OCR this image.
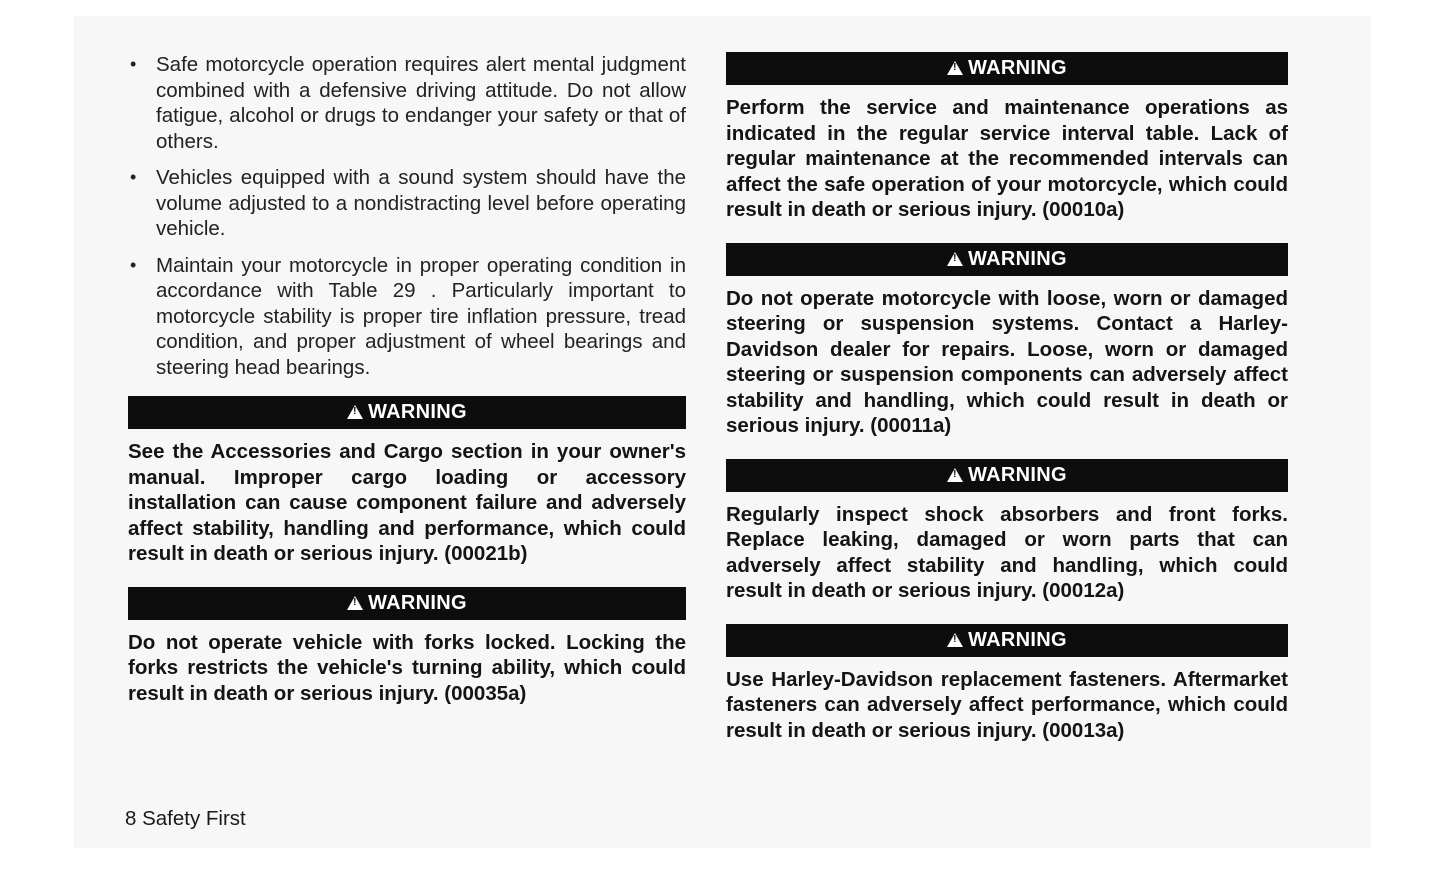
• Safe motorcycle operation requires alert mental judgment combined with a defensive driving attitude. Do not allow fatigue, alcohol or drugs to endanger your safety or that of others.
• Vehicles equipped with a sound system should have the volume adjusted to a nondistracting level before operating vehicle.
• Maintain your motorcycle in proper operating condition in accordance with Table 29 . Particularly important to motorcycle stability is proper tire inflation pressure, tread condition, and proper adjustment of wheel bearings and steering head bearings.
!WARNING

See the Accessories and Cargo section in your owner's manual. Improper cargo loading or accessory installation can cause component failure and adversely affect stability, handling and performance, which could result in death or serious injury. (00021b)

!WARNING

Do not operate vehicle with forks locked. Locking the forks restricts the vehicle's turning ability, which could result in death or serious injury. (00035a)

!WARNING

Perform the service and maintenance operations as indicated in the regular service interval table. Lack of regular maintenance at the recommended intervals can affect the safe operation of your motorcycle, which could result in death or serious injury. (00010a)

!WARNING

Do not operate motorcycle with loose, worn or damaged steering or suspension systems. Contact a Harley-Davidson dealer for repairs. Loose, worn or damaged steering or suspension components can adversely affect stability and handling, which could result in death or serious injury. (00011a)

!WARNING

Regularly inspect shock absorbers and front forks. Replace leaking, damaged or worn parts that can adversely affect stability and handling, which could result in death or serious injury. (00012a)

!WARNING

Use Harley-Davidson replacement fasteners. Aftermarket fasteners can adversely affect performance, which could result in death or serious injury. (00013a)

8 Safety First
